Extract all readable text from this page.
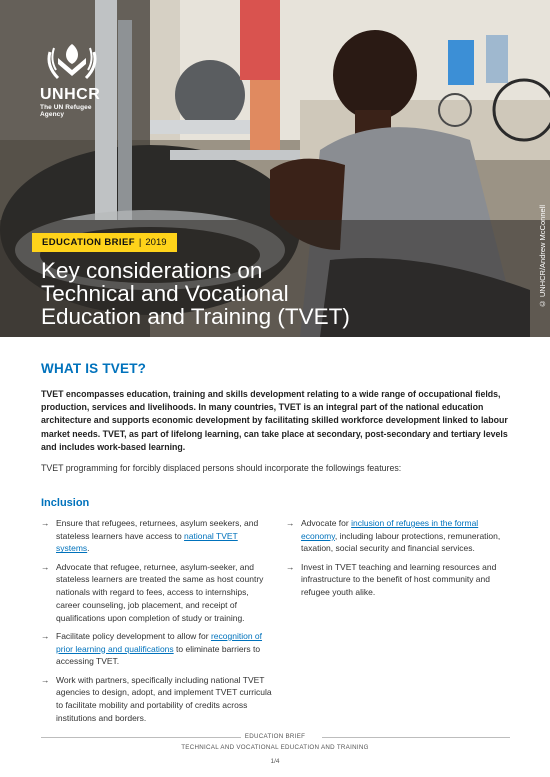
UNHCR
The UN Refugee Agency
EDUCATION BRIEF | 2019
Key considerations on
Technical and Vocational
Education and Training (TVET)
© UNHCR/Andrew McConnell
WHAT IS TVET?

TVET encompasses education, training and skills development relating to a wide range of occupational fields, production, services and livelihoods. In many countries, TVET is an integral part of the national education architecture and supports economic development by facilitating skilled workforce development linked to labour market needs. TVET, as part of lifelong learning, can take place at secondary, post-secondary and tertiary levels and includes work-based learning.

TVET programming for forcibly displaced persons should incorporate the followings features:

Inclusion
→ Ensure that refugees, returnees, asylum seekers, and stateless learners have access to national TVET systems.
→ Advocate that refugee, returnee, asylum-seeker, and stateless learners are treated the same as host country nationals with regard to fees, access to internships, career counseling, job placement, and receipt of qualifications upon completion of study or training.
→ Facilitate policy development to allow for recognition of prior learning and qualifications to eliminate barriers to accessing TVET.
→ Work with partners, specifically including national TVET agencies to design, adopt, and implement TVET curricula to facilitate mobility and portability of credits across institutions and borders.
→ Advocate for inclusion of refugees in the formal economy, including labour protections, remuneration, taxation, social security and financial services.
→ Invest in TVET teaching and learning resources and infrastructure to the benefit of host community and refugee youth alike.
EDUCATION BRIEF
TECHNICAL AND VOCATIONAL EDUCATION AND TRAINING
1/4
